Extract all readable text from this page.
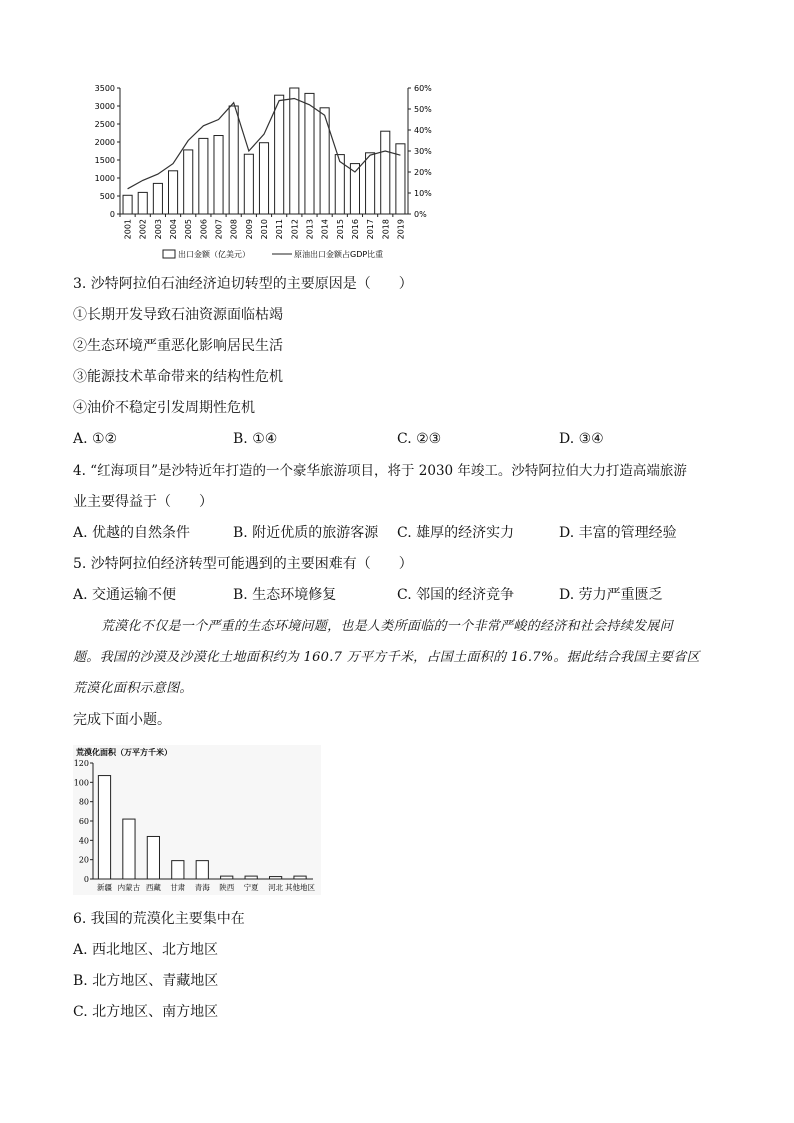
0
500
1000
1500
2000
2500
3000
3500
0%
10%
20%
30%
40%
50%
60%
2001 2002 2003 2004 2005 2006 2007 2008 2009 2010 2011 2012 2013 2014 2015 2016 2017 2018 2019
出口金额（亿美元）	原油出口金额占GDP比重
3. 沙特阿拉伯石油经济迫切转型的主要原因是（　　）
①长期开发导致石油资源面临枯竭
②生态环境严重恶化影响居民生活
③能源技术革命带来的结构性危机
④油价不稳定引发周期性危机
A. ①②	B. ①④	C. ②③	D. ③④
4. “红海项目”是沙特近年打造的一个豪华旅游项目，将于 2030 年竣工。沙特阿拉伯大力打造高端旅游
业主要得益于（　　）
A. 优越的自然条件	B. 附近优质的旅游客源 C. 雄厚的经济实力	D. 丰富的管理经验
5. 沙特阿拉伯经济转型可能遇到的主要困难有（　　）
A. 交通运输不便	B. 生态环境修复	C. 邻国的经济竞争	D. 劳力严重匮乏
荒漠化不仅是一个严重的生态环境问题，也是人类所面临的一个非常严峻的经济和社会持续发展问
题。我国的沙漠及沙漠化土地面积约为 160.7 万平方千米，占国土面积的 16.7%。据此结合我国主要省区
荒漠化面积示意图。
完成下面小题。
荒漠化面积（万平方千米）
0
20
40
60
80
100
120
新疆 内蒙古 西藏 甘肃 青海 陕西 宁夏 河北 其他地区
6. 我国的荒漠化主要集中在
A. 西北地区、北方地区
B. 北方地区、青藏地区
C. 北方地区、南方地区
